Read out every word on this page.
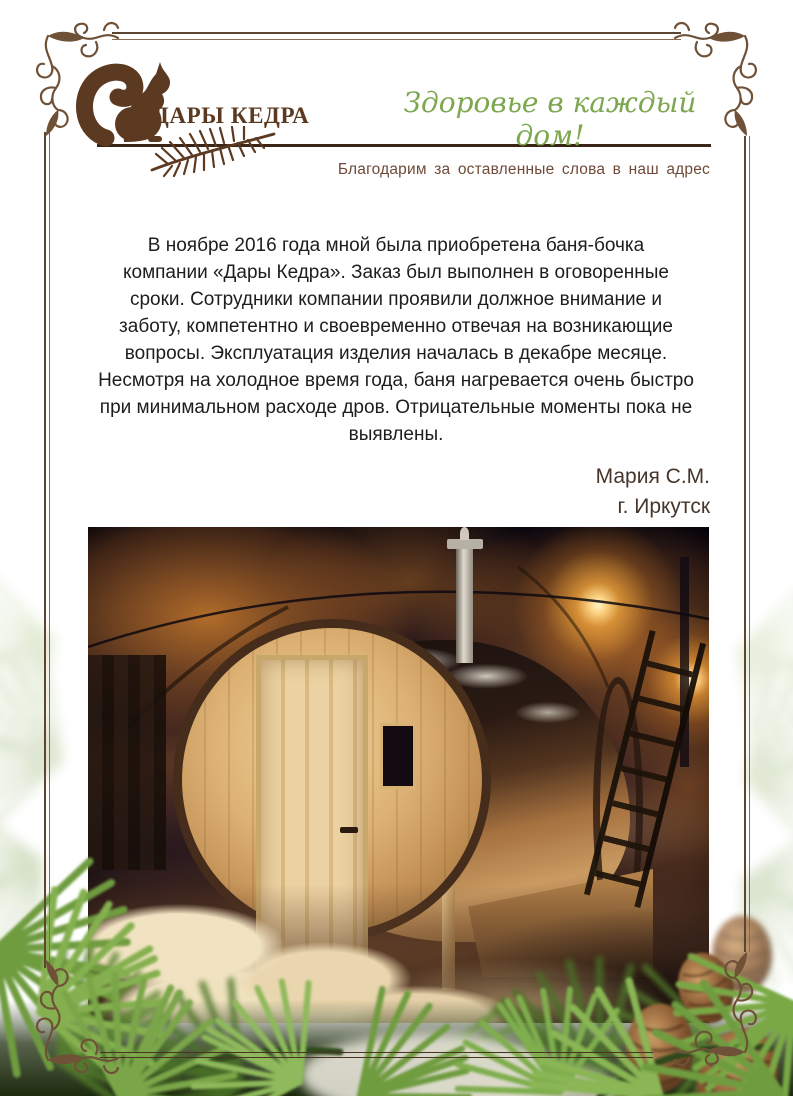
ДАРЫ КЕДРА	Здоровье в каждый дом!
Благодарим за оставленные слова в наш адрес
В ноябре 2016 года мной была приобретена баня-бочка
компании «Дары Кедра». Заказ был выполнен в оговоренные
сроки. Сотрудники компании проявили должное внимание и
заботу, компетентно и своевременно отвечая на возникающие
вопросы. Эксплуатация изделия началась в декабре месяце.
Несмотря на холодное время года, баня нагревается очень быстро
при минимальном расходе дров. Отрицательные моменты пока не
выявлены.
Мария С.М.
г. Иркутск
